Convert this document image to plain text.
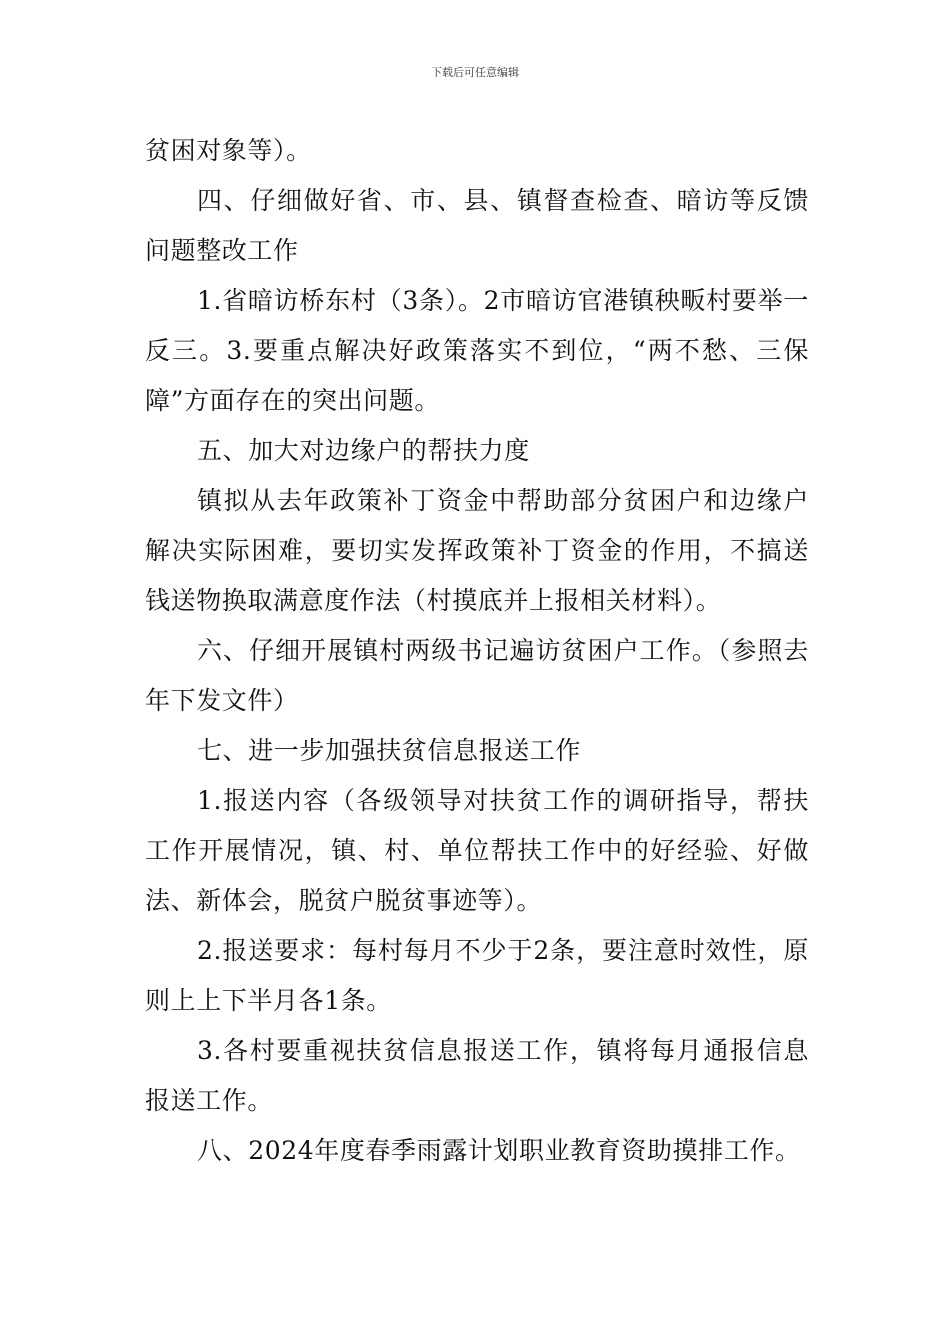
下载后可任意编辑

贫困对象等）。

四、仔细做好省、市、县、镇督查检查、暗访等反馈问题整改工作

1.省暗访桥东村（3条）。2市暗访官港镇秧畈村要举一反三。3.要重点解决好政策落实不到位，“两不愁、三保障”方面存在的突出问题。

五、加大对边缘户的帮扶力度

镇拟从去年政策补丁资金中帮助部分贫困户和边缘户解决实际困难，要切实发挥政策补丁资金的作用，不搞送钱送物换取满意度作法（村摸底并上报相关材料）。

六、仔细开展镇村两级书记遍访贫困户工作。（参照去年下发文件）

七、进一步加强扶贫信息报送工作

1.报送内容（各级领导对扶贫工作的调研指导，帮扶工作开展情况，镇、村、单位帮扶工作中的好经验、好做法、新体会，脱贫户脱贫事迹等）。

2.报送要求：每村每月不少于2条，要注意时效性，原则上上下半月各1条。

3.各村要重视扶贫信息报送工作，镇将每月通报信息报送工作。

八、2024年度春季雨露计划职业教育资助摸排工作。
